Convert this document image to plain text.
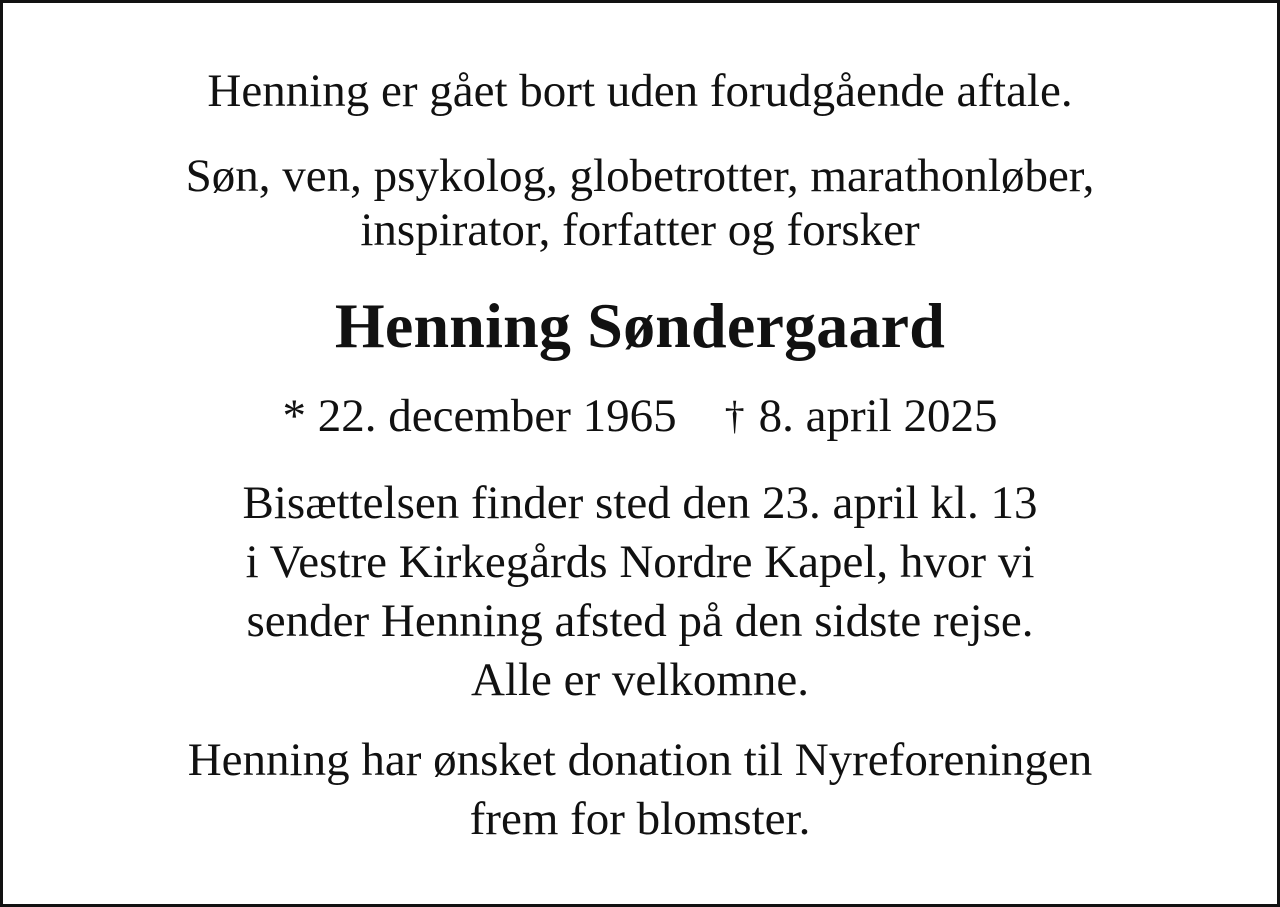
Henning er gået bort uden forudgående aftale.
Søn, ven, psykolog, globetrotter, marathonløber,
inspirator, forfatter og forsker
Henning Søndergaard
* 22. december 1965 † 8. april 2025
Bisættelsen finder sted den 23. april kl. 13
i Vestre Kirkegårds Nordre Kapel, hvor vi
sender Henning afsted på den sidste rejse.
Alle er velkomne.
Henning har ønsket donation til Nyreforeningen
frem for blomster.
